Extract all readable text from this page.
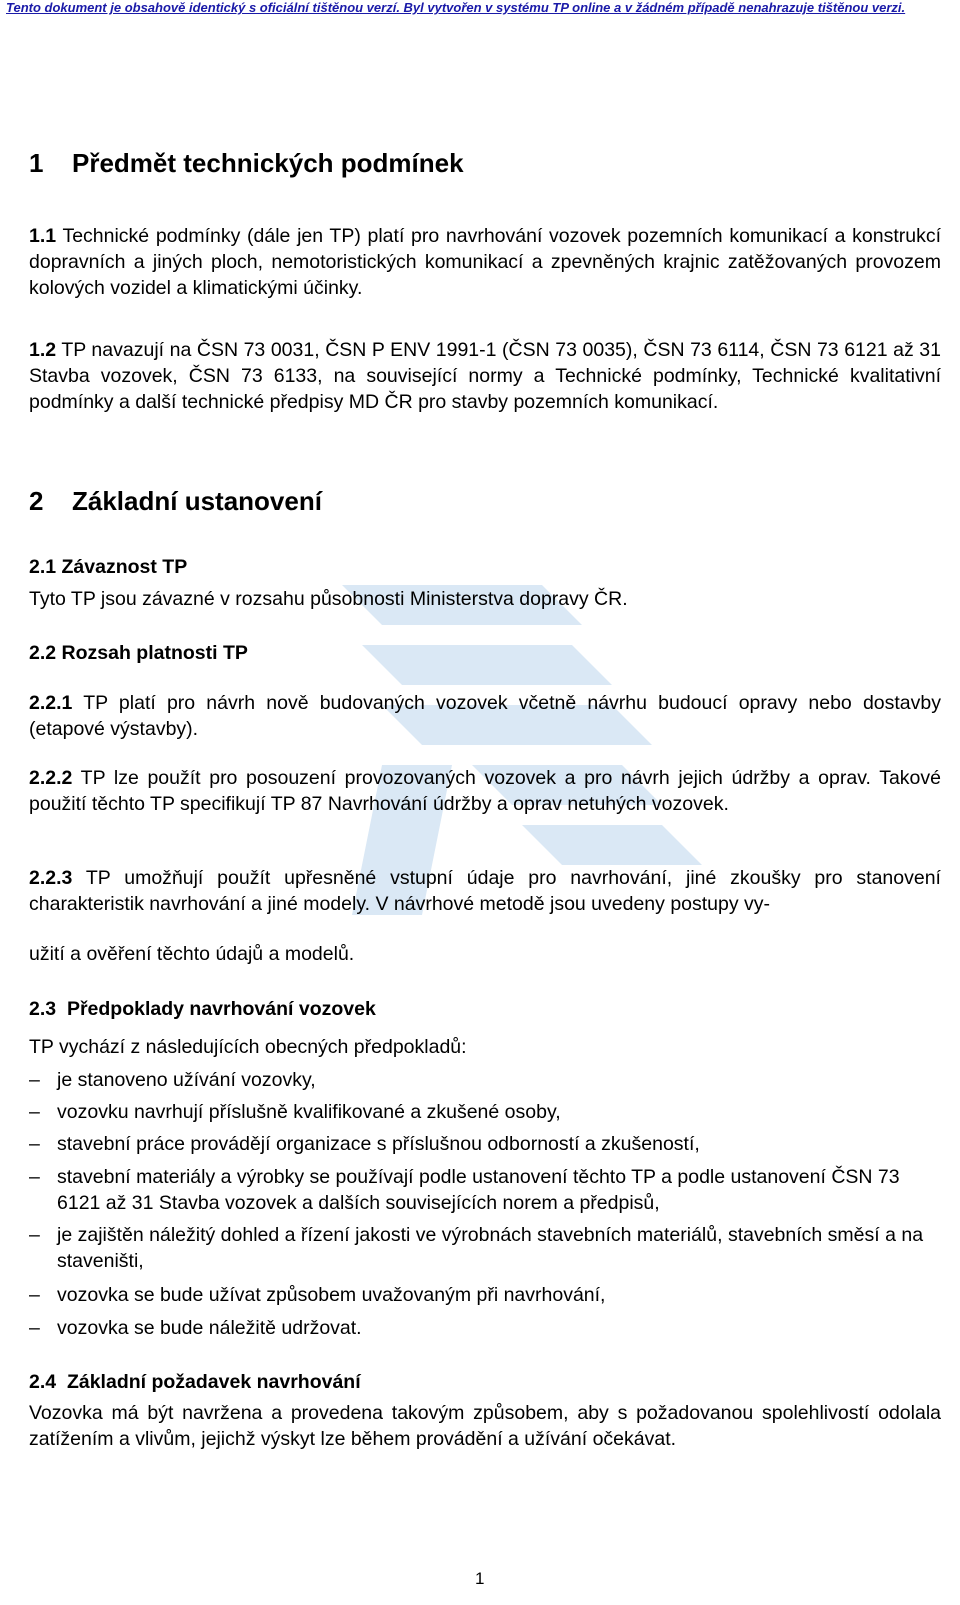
Tento dokument je obsahově identický s oficiální tištěnou verzí. Byl vytvořen v systému TP online a v žádném případě nenahrazuje tištěnou verzi.
1 Předmět technických podmínek
1.1 Technické podmínky (dále jen TP) platí pro navrhování vozovek pozemních komunikací a konstrukcí dopravních a jiných ploch, nemotoristických komunikací a zpevněných krajnic zatěžovaných provozem kolových vozidel a klimatickými účinky.
1.2 TP navazují na ČSN 73 0031, ČSN P ENV 1991-1 (ČSN 73 0035), ČSN 73 6114, ČSN 73 6121 až 31 Stavba vozovek, ČSN 73 6133, na související normy a Technické podmínky, Technické kvalitativní podmínky a další technické předpisy MD ČR pro stavby pozemních komunikací.
2 Základní ustanovení
2.1 Závaznost TP
Tyto TP jsou závazné v rozsahu působnosti Ministerstva dopravy ČR.
2.2 Rozsah platnosti TP
2.2.1 TP platí pro návrh nově budovaných vozovek včetně návrhu budoucí opravy nebo dostavby (etapové výstavby).
2.2.2 TP lze použít pro posouzení provozovaných vozovek a pro návrh jejich údržby a oprav. Takové použití těchto TP specifikují TP 87 Navrhování údržby a oprav netuhých vozovek.
2.2.3 TP umožňují použít upřesněné vstupní údaje pro navrhování, jiné zkoušky pro stanovení charakteristik navrhování a jiné modely. V návrhové metodě jsou uvedeny postupy vy-
užití a ověření těchto údajů a modelů.
2.3 Předpoklady navrhování vozovek
TP vychází z následujících obecných předpokladů:
– je stanoveno užívání vozovky,
– vozovku navrhují příslušně kvalifikované a zkušené osoby,
– stavební práce provádějí organizace s příslušnou odborností a zkušeností,
– stavební materiály a výrobky se používají podle ustanovení těchto TP a podle ustanovení ČSN 73 6121 až 31 Stavba vozovek a dalších souvisejících norem a předpisů,
– je zajištěn náležitý dohled a řízení jakosti ve výrobnách stavebních materiálů, stavebních směsí a na staveništi,
– vozovka se bude užívat způsobem uvažovaným při navrhování,
– vozovka se bude náležitě udržovat.
2.4 Základní požadavek navrhování
Vozovka má být navržena a provedena takovým způsobem, aby s požadovanou spolehlivostí odolala zatížením a vlivům, jejichž výskyt lze během provádění a užívání očekávat.
1
